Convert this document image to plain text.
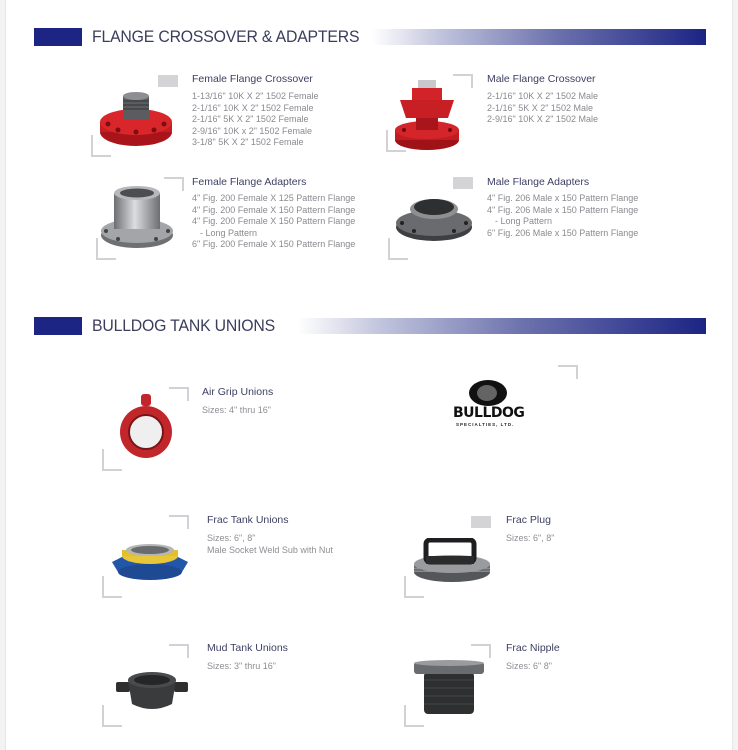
FLANGE CROSSOVER & ADAPTERS
Female Flange Crossover
1-13/16" 10K X 2" 1502 Female
2-1/16" 10K X 2" 1502 Female
2-1/16" 5K X 2" 1502 Female
2-9/16" 10K x 2" 1502 Female
3-1/8" 5K X 2" 1502 Female
Male Flange Crossover
2-1/16" 10K X 2" 1502 Male
2-1/16" 5K X 2" 1502 Male
2-9/16" 10K X 2" 1502 Male
Female Flange Adapters
4" Fig. 200 Female X 125 Pattern Flange
4" Fig. 200 Female X 150 Pattern Flange
4" Fig. 200 Female X 150 Pattern Flange
- Long Pattern
6" Fig. 200 Female X 150 Pattern Flange
Male Flange Adapters
4" Fig. 206 Male x 150 Pattern Flange
4" Fig. 206 Male x 150 Pattern Flange
- Long Pattern
6" Fig. 206 Male x 150 Pattern Flange
BULLDOG TANK UNIONS
Air Grip Unions
Sizes: 4" thru 16"	BULLDOG
SPECIALTIES, LTD.
Frac Tank Unions
Sizes: 6", 8"
Male Socket Weld Sub with Nut
Frac Plug
Sizes: 6", 8"
Mud Tank Unions
Sizes: 3" thru 16"
Frac Nipple
Sizes: 6" 8"
